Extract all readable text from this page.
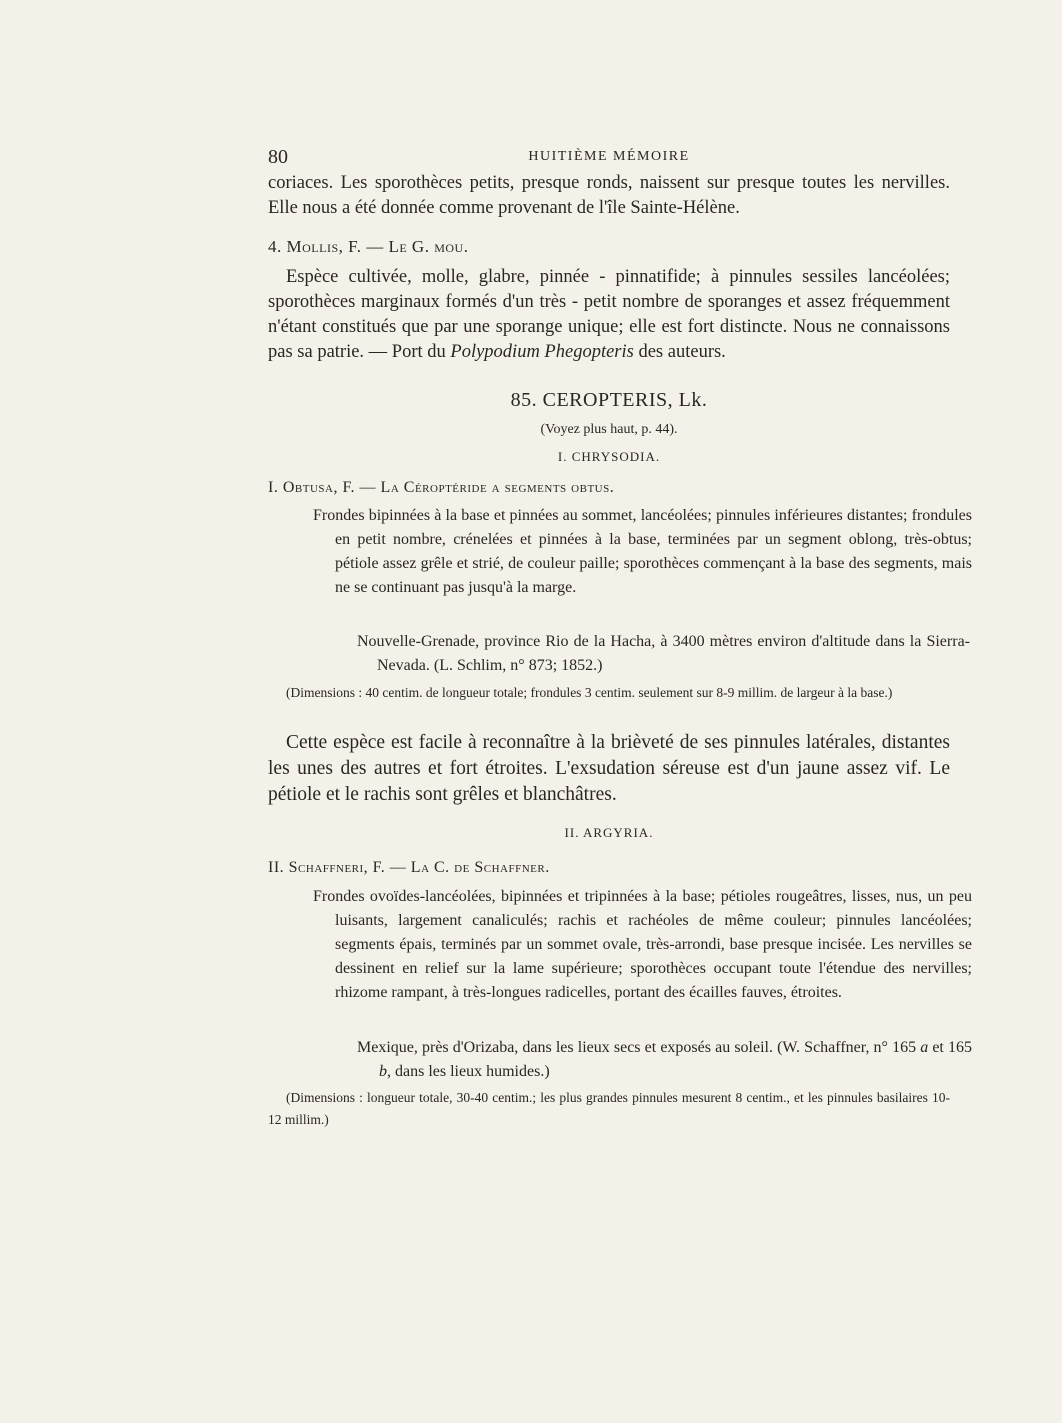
80	HUITIÈME MÉMOIRE

coriaces. Les sporothèces petits, presque ronds, naissent sur presque toutes les nervilles. Elle nous a été donnée comme provenant de l'île Sainte-Hélène.

4. Mollis, F. — Le G. mou.

Espèce cultivée, molle, glabre, pinnée - pinnatifide; à pinnules sessiles lancéolées; sporothèces marginaux formés d'un très - petit nombre de sporanges et assez fréquemment n'étant constitués que par une sporange unique; elle est fort distincte. Nous ne connaissons pas sa patrie. — Port du Polypodium Phegopteris des auteurs.

85. CEROPTERIS, Lk.
(Voyez plus haut, p. 44).
I. CHRYSODIA.
I. Obtusa, F. — La Céroptéride a segments obtus.

Frondes bipinnées à la base et pinnées au sommet, lancéolées; pinnules inférieures distantes; frondules en petit nombre, crénelées et pinnées à la base, terminées par un segment oblong, très-obtus; pétiole assez grêle et strié, de couleur paille; sporothèces commençant à la base des segments, mais ne se continuant pas jusqu'à la marge.

Nouvelle-Grenade, province Rio de la Hacha, à 3400 mètres environ d'altitude dans la Sierra-Nevada. (L. Schlim, n° 873; 1852.)

(Dimensions : 40 centim. de longueur totale; frondules 3 centim. seulement sur 8-9 millim. de largeur à la base.)

Cette espèce est facile à reconnaître à la brièveté de ses pinnules latérales, distantes les unes des autres et fort étroites. L'exsudation séreuse est d'un jaune assez vif. Le pétiole et le rachis sont grêles et blanchâtres.

II. ARGYRIA.
II. Schaffneri, F. — La C. de Schaffner.

Frondes ovoïdes-lancéolées, bipinnées et tripinnées à la base; pétioles rougeâtres, lisses, nus, un peu luisants, largement canaliculés; rachis et rachéoles de même couleur; pinnules lancéolées; segments épais, terminés par un sommet ovale, très-arrondi, base presque incisée. Les nervilles se dessinent en relief sur la lame supérieure; sporothèces occupant toute l'étendue des nervilles; rhizome rampant, à très-longues radicelles, portant des écailles fauves, étroites.

Mexique, près d'Orizaba, dans les lieux secs et exposés au soleil. (W. Schaffner, n° 165 a et 165 b, dans les lieux humides.)

(Dimensions : longueur totale, 30-40 centim.; les plus grandes pinnules mesurent 8 centim., et les pinnules basilaires 10-12 millim.)
